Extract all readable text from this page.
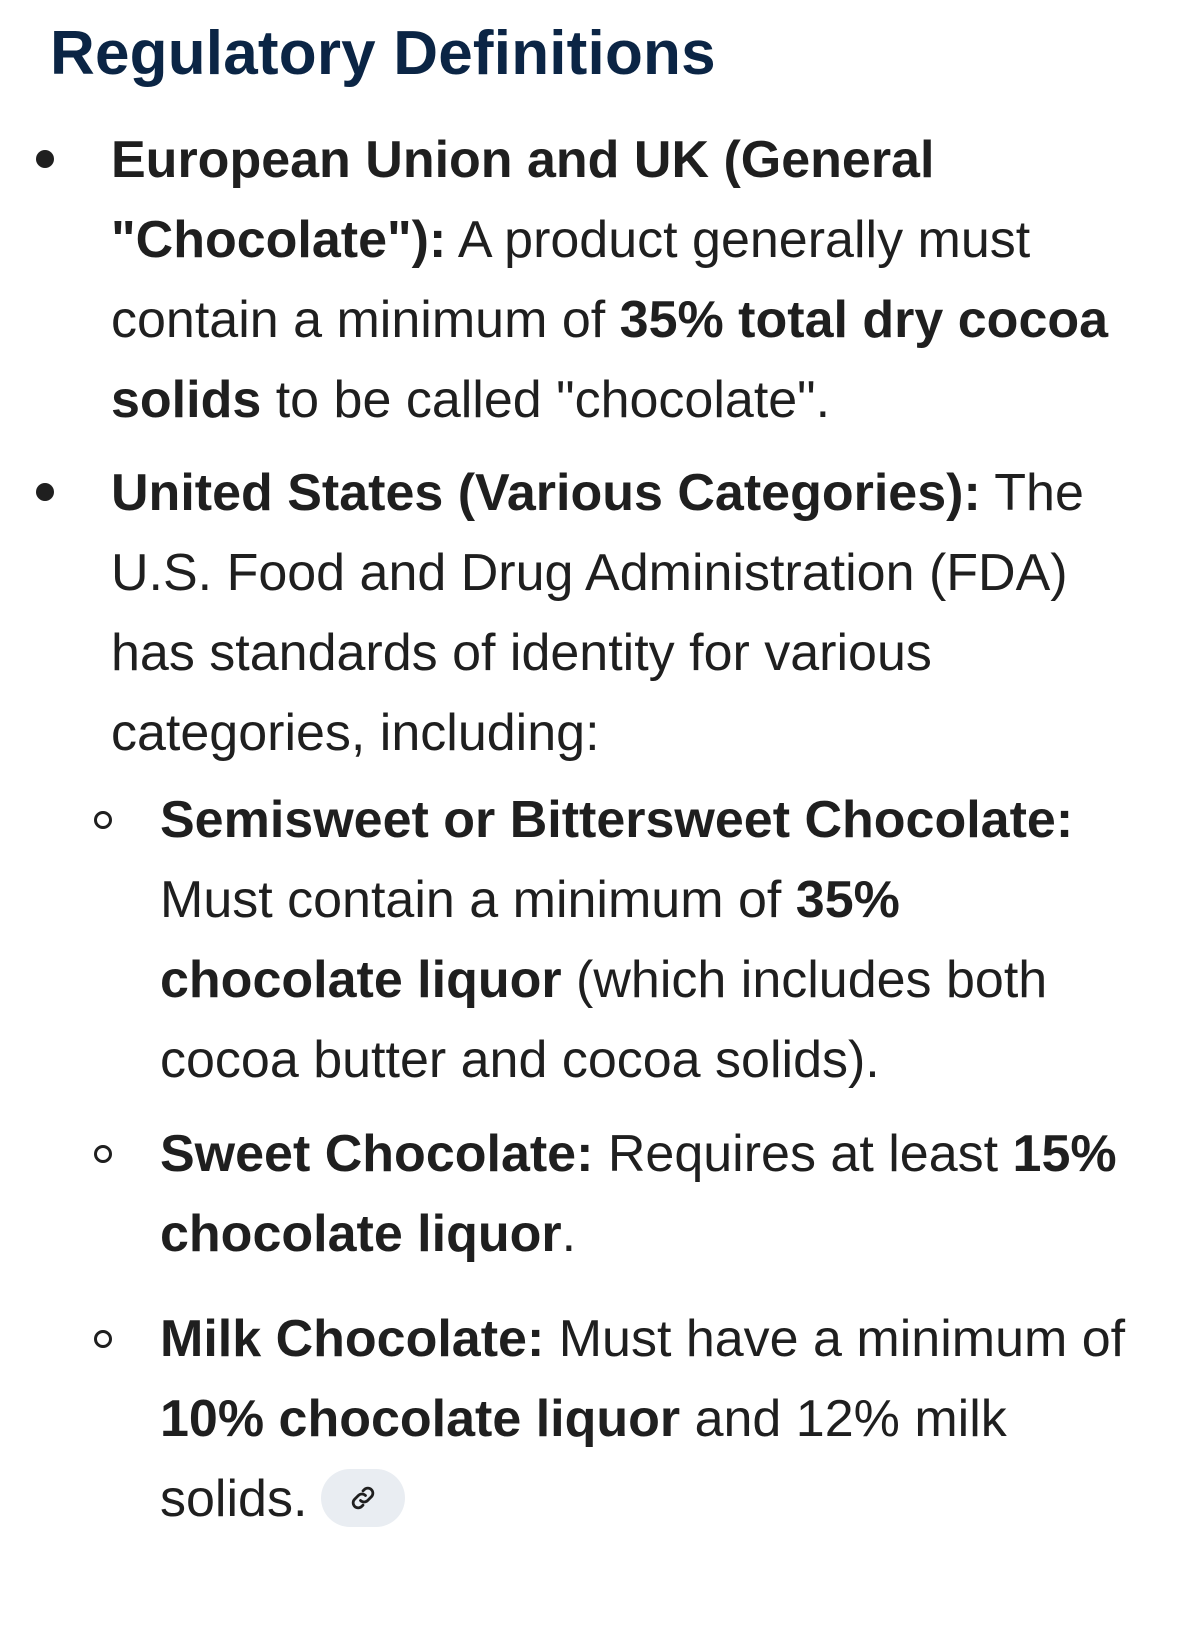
Regulatory Definitions
European Union and UK (General "Chocolate"): A product generally must contain a minimum of 35% total dry cocoa solids to be called "chocolate".
United States (Various Categories): The U.S. Food and Drug Administration (FDA) has standards of identity for various categories, including:
Semisweet or Bittersweet Chocolate: Must contain a minimum of 35% chocolate liquor (which includes both cocoa butter and cocoa solids).
Sweet Chocolate: Requires at least 15% chocolate liquor.
Milk Chocolate: Must have a minimum of 10% chocolate liquor and 12% milk solids.
